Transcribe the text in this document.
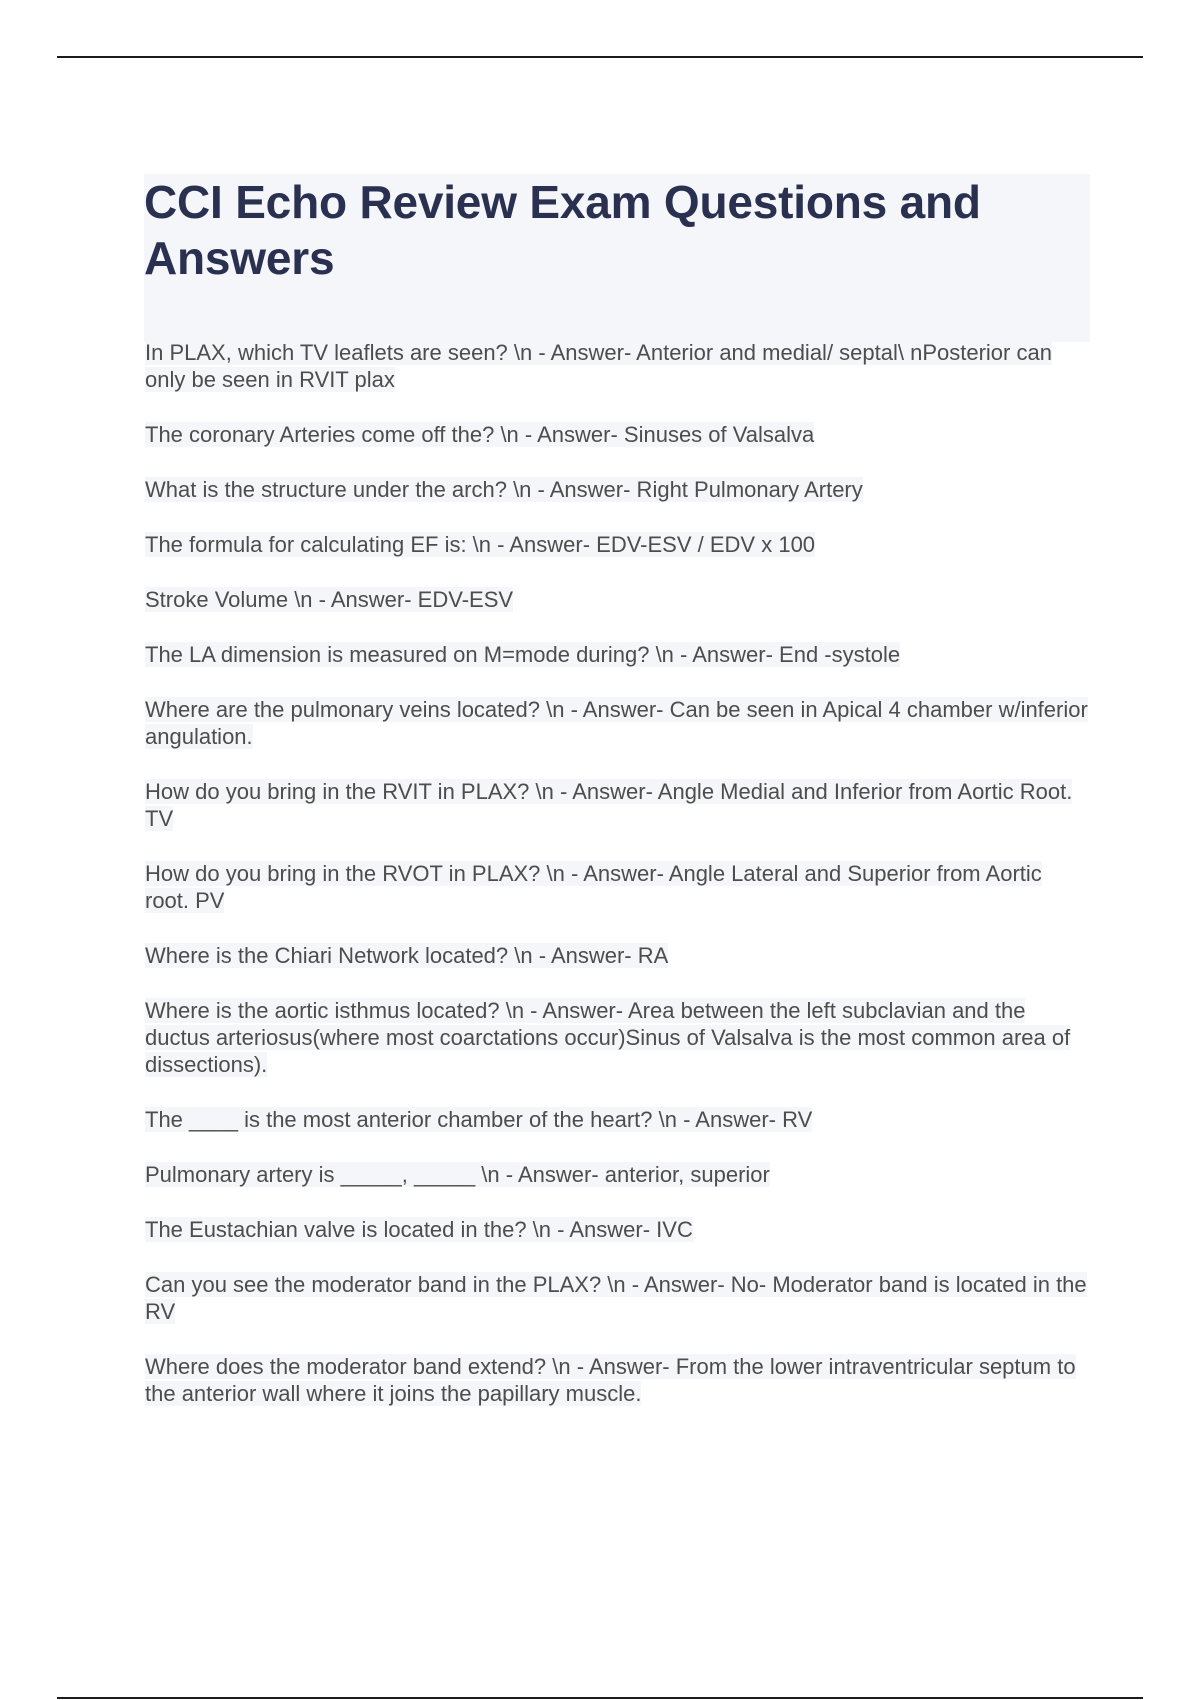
CCI Echo Review Exam Questions and Answers

In PLAX, which TV leaflets are seen? \n - Answer- Anterior and medial/ septal\ nPosterior can only be seen in RVIT plax

The coronary Arteries come off the? \n - Answer- Sinuses of Valsalva

What is the structure under the arch? \n - Answer- Right Pulmonary Artery

The formula for calculating EF is: \n - Answer- EDV-ESV / EDV x 100

Stroke Volume \n - Answer- EDV-ESV

The LA dimension is measured on M=mode during? \n - Answer- End -systole

Where are the pulmonary veins located? \n - Answer- Can be seen in Apical 4 chamber w/inferior angulation.

How do you bring in the RVIT in PLAX? \n - Answer- Angle Medial and Inferior from Aortic Root. TV

How do you bring in the RVOT in PLAX? \n - Answer- Angle Lateral and Superior from Aortic root. PV

Where is the Chiari Network located? \n - Answer- RA

Where is the aortic isthmus located? \n - Answer- Area between the left subclavian and the ductus arteriosus(where most coarctations occur)Sinus of Valsalva is the most common area of dissections).

The ____ is the most anterior chamber of the heart? \n - Answer- RV

Pulmonary artery is _____, _____ \n - Answer- anterior, superior

The Eustachian valve is located in the? \n - Answer- IVC

Can you see the moderator band in the PLAX? \n - Answer- No- Moderator band is located in the RV

Where does the moderator band extend? \n - Answer- From the lower intraventricular septum to the anterior wall where it joins the papillary muscle.
